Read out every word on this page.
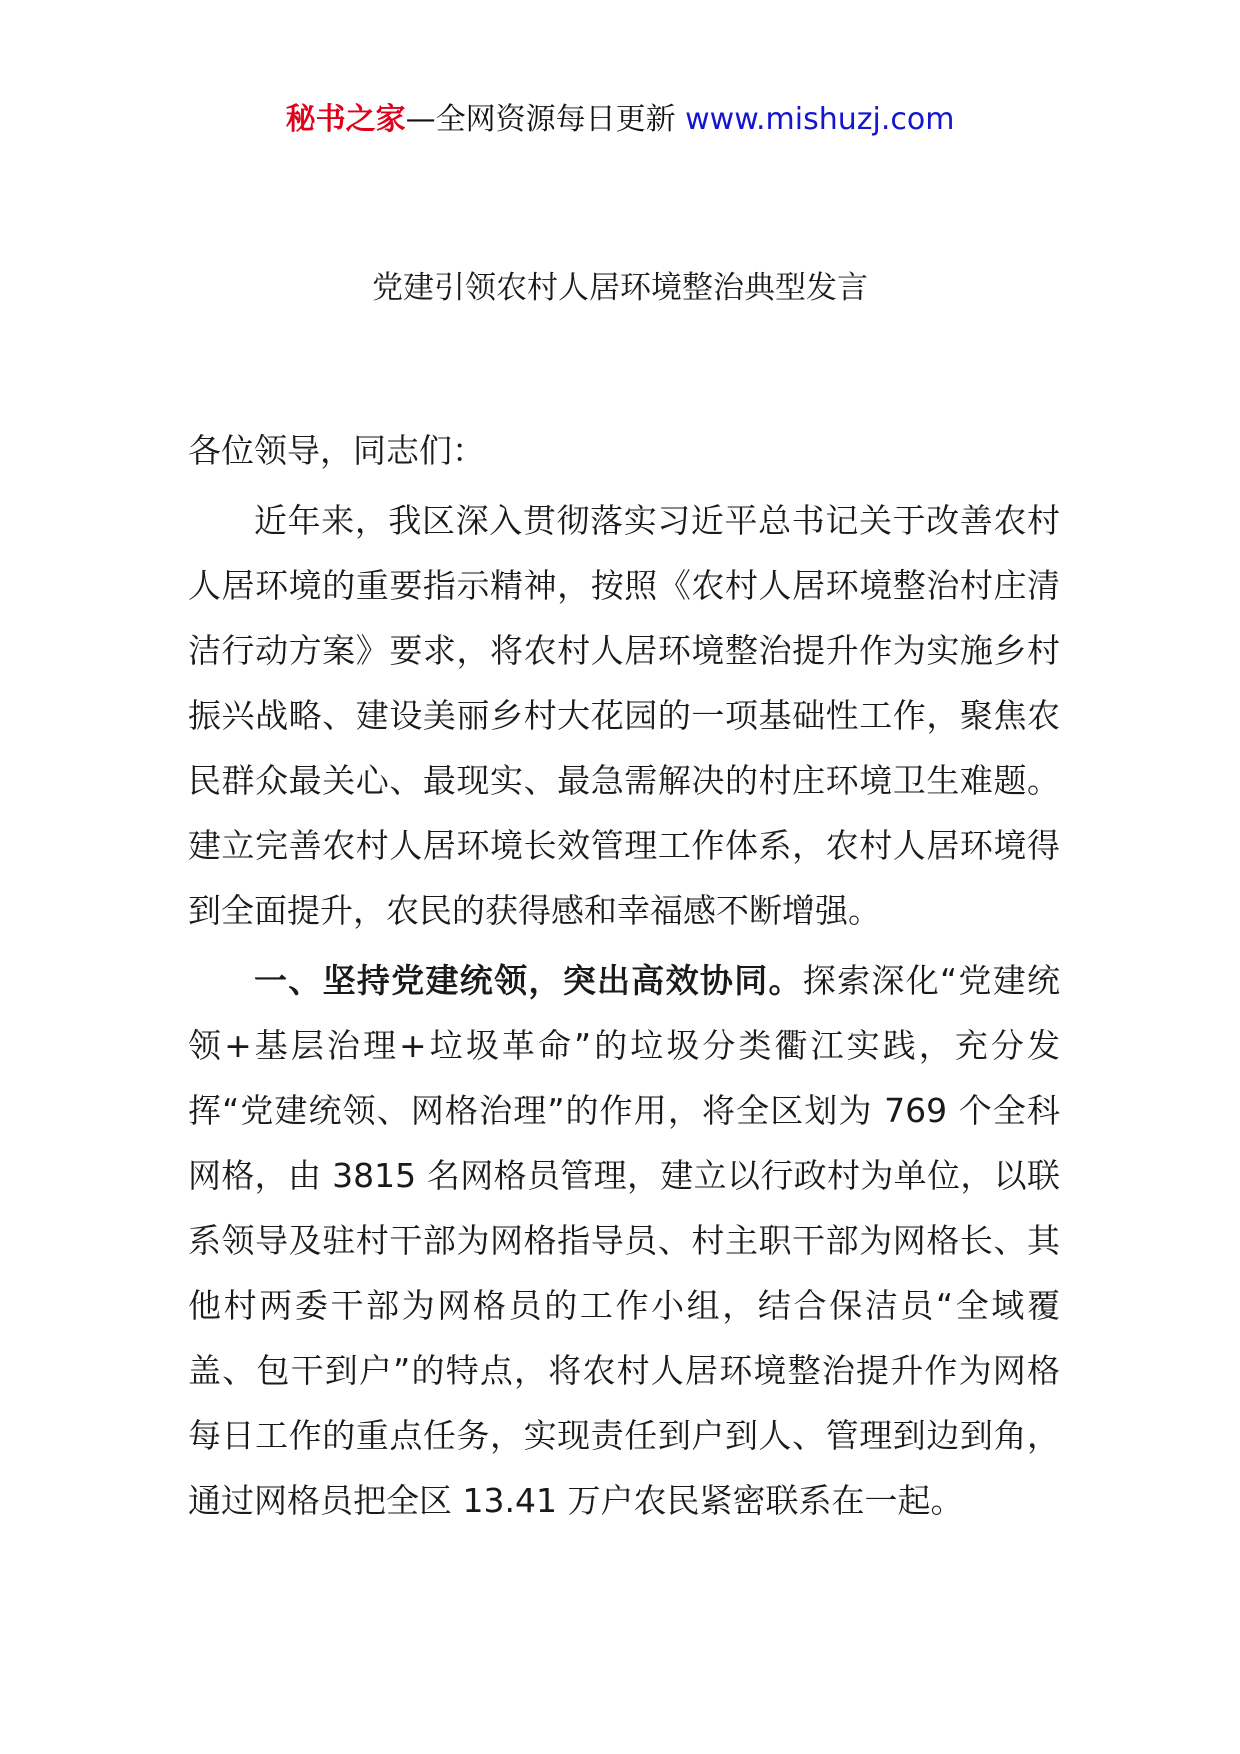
秘书之家—全网资源每日更新 www.mishuzj.com
党建引领农村人居环境整治典型发言

各位领导，同志们：

近年来，我区深入贯彻落实习近平总书记关于改善农村人居环境的重要指示精神，按照《农村人居环境整治村庄清洁行动方案》要求，将农村人居环境整治提升作为实施乡村振兴战略、建设美丽乡村大花园的一项基础性工作，聚焦农民群众最关心、最现实、最急需解决的村庄环境卫生难题。建立完善农村人居环境长效管理工作体系，农村人居环境得到全面提升，农民的获得感和幸福感不断增强。

一、坚持党建统领，突出高效协同。探索深化“党建统领+基层治理+垃圾革命”的垃圾分类衢江实践，充分发挥“党建统领、网格治理”的作用，将全区划为 769 个全科网格，由 3815 名网格员管理，建立以行政村为单位，以联系领导及驻村干部为网格指导员、村主职干部为网格长、其他村两委干部为网格员的工作小组，结合保洁员“全域覆盖、包干到户”的特点，将农村人居环境整治提升作为网格每日工作的重点任务，实现责任到户到人、管理到边到角，通过网格员把全区 13.41 万户农民紧密联系在一起。
